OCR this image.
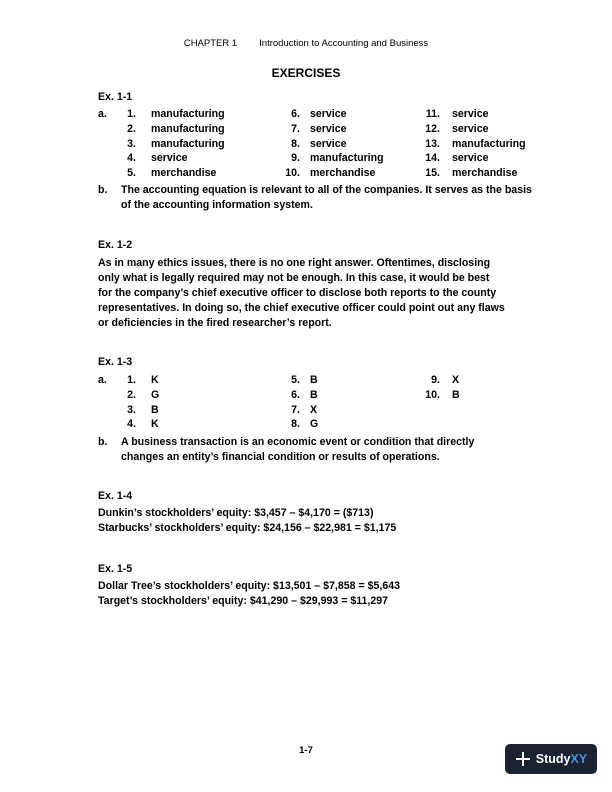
CHAPTER 1 Introduction to Accounting and Business
EXERCISES
Ex. 1-1
a.	1. manufacturing
2. manufacturing
3. manufacturing
4. service
5. merchandise
6. service
7. service
8. service
9. manufacturing
10. merchandise
11. service
12. service
13. manufacturing
14. service
15. merchandise
b. The accounting equation is relevant to all of the companies. It serves as the basis
of the accounting information system.
Ex. 1-2
As in many ethics issues, there is no one right answer. Oftentimes, disclosing
only what is legally required may not be enough. In this case, it would be best
for the company’s chief executive officer to disclose both reports to the county
representatives. In doing so, the chief executive officer could point out any flaws
or deficiencies in the fired researcher’s report.
Ex. 1-3
a.	1. K
2. G
3. B
4. K
5. B
6. B
7. X
8. G
9. X
10. B
b. A business transaction is an economic event or condition that directly
changes an entity’s financial condition or results of operations.
Ex. 1-4
Dunkin’s stockholders’ equity: $3,457 – $4,170 = ($713)
Starbucks’ stockholders’ equity: $24,156 – $22,981 = $1,175
Ex. 1-5
Dollar Tree’s stockholders’ equity: $13,501 – $7,858 = $5,643
Target’s stockholders’ equity: $41,290 – $29,993 = $11,297
1-7
Study XY
